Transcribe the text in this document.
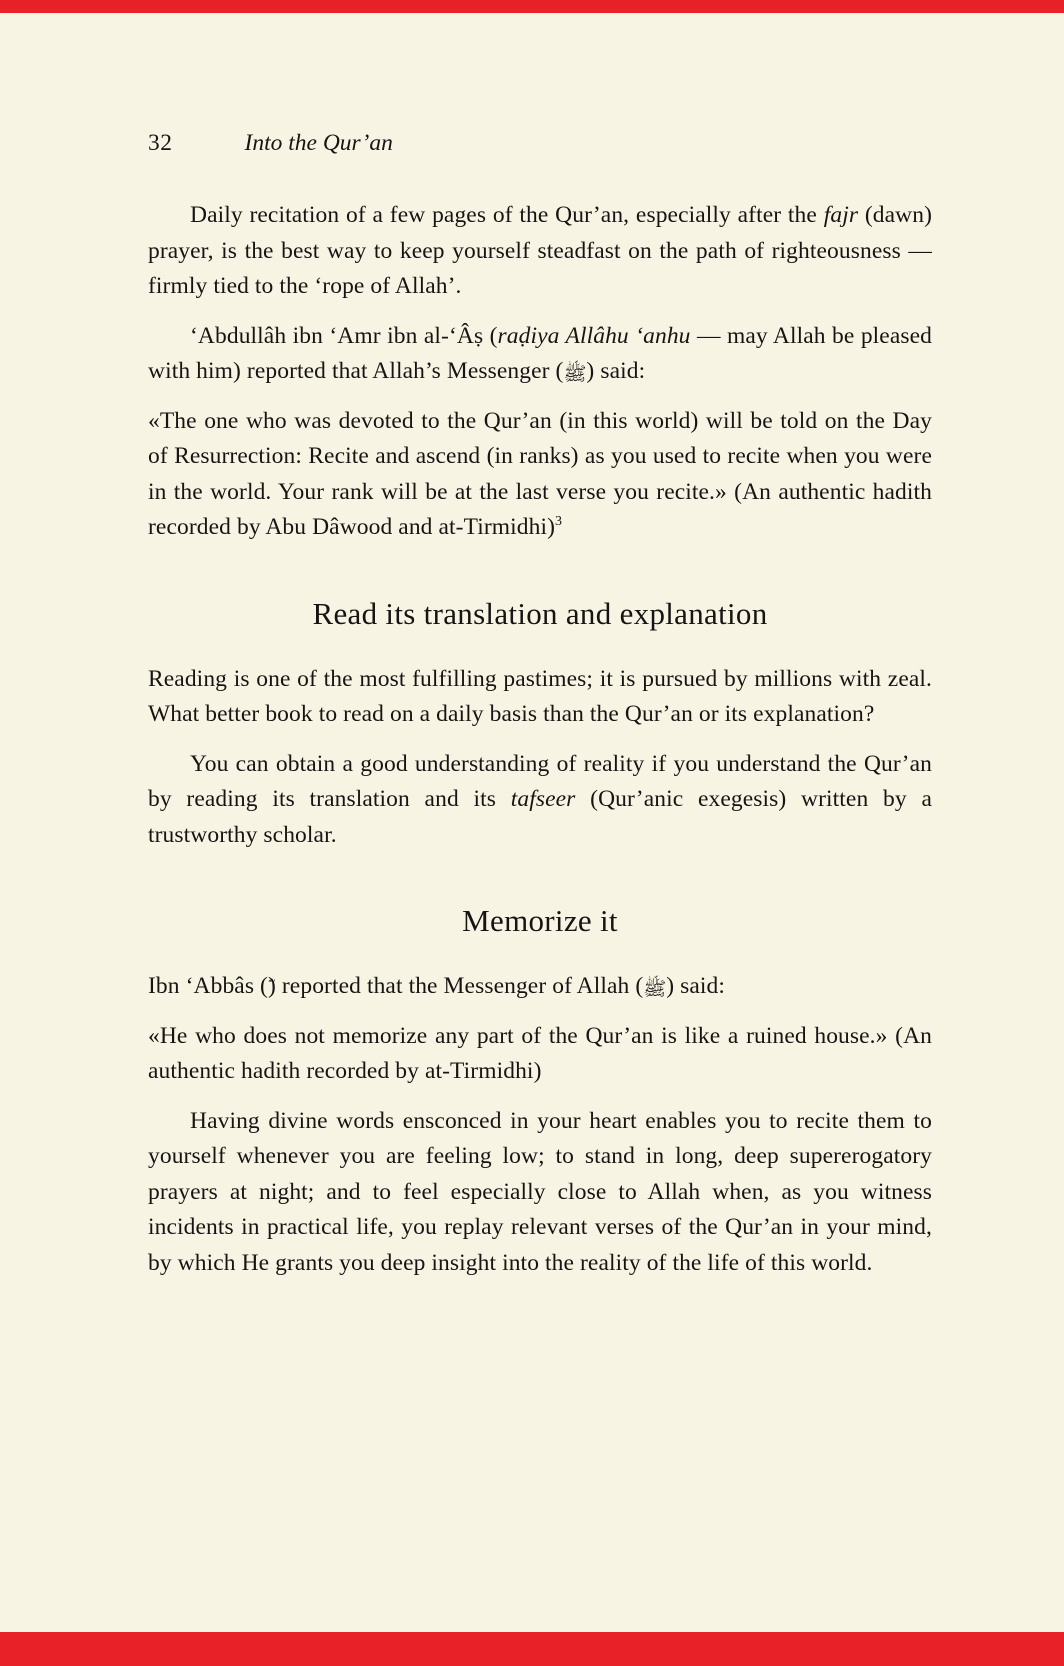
32	Into the Qur’an

Daily recitation of a few pages of the Qur’an, especially after the fajr (dawn) prayer, is the best way to keep yourself steadfast on the path of righteousness — firmly tied to the ‘rope of Allah’.

‘Abdullâh ibn ‘Amr ibn al-‘Âṣ (raḍiya Allâhu ‘anhu — may Allah be pleased with him) reported that Allah’s Messenger (ﷺ) said:

«The one who was devoted to the Qur’an (in this world) will be told on the Day of Resurrection: Recite and ascend (in ranks) as you used to recite when you were in the world. Your rank will be at the last verse you recite.» (An authentic hadith recorded by Abu Dâwood and at-Tirmidhi)$^3$

Read its translation and explanation

Reading is one of the most fulfilling pastimes; it is pursued by millions with zeal. What better book to read on a daily basis than the Qur’an or its explanation?

You can obtain a good understanding of reality if you understand the Qur’an by reading its translation and its tafseer (Qur’anic exegesis) written by a trustworthy scholar.

Memorize it

Ibn ‘Abbâs () reported that the Messenger of Allah (ﷺ) said:

«He who does not memorize any part of the Qur’an is like a ruined house.» (An authentic hadith recorded by at-Tirmidhi)

Having divine words ensconced in your heart enables you to recite them to yourself whenever you are feeling low; to stand in long, deep supererogatory prayers at night; and to feel especially close to Allah when, as you witness incidents in practical life, you replay relevant verses of the Qur’an in your mind, by which He grants you deep insight into the reality of the life of this world.
